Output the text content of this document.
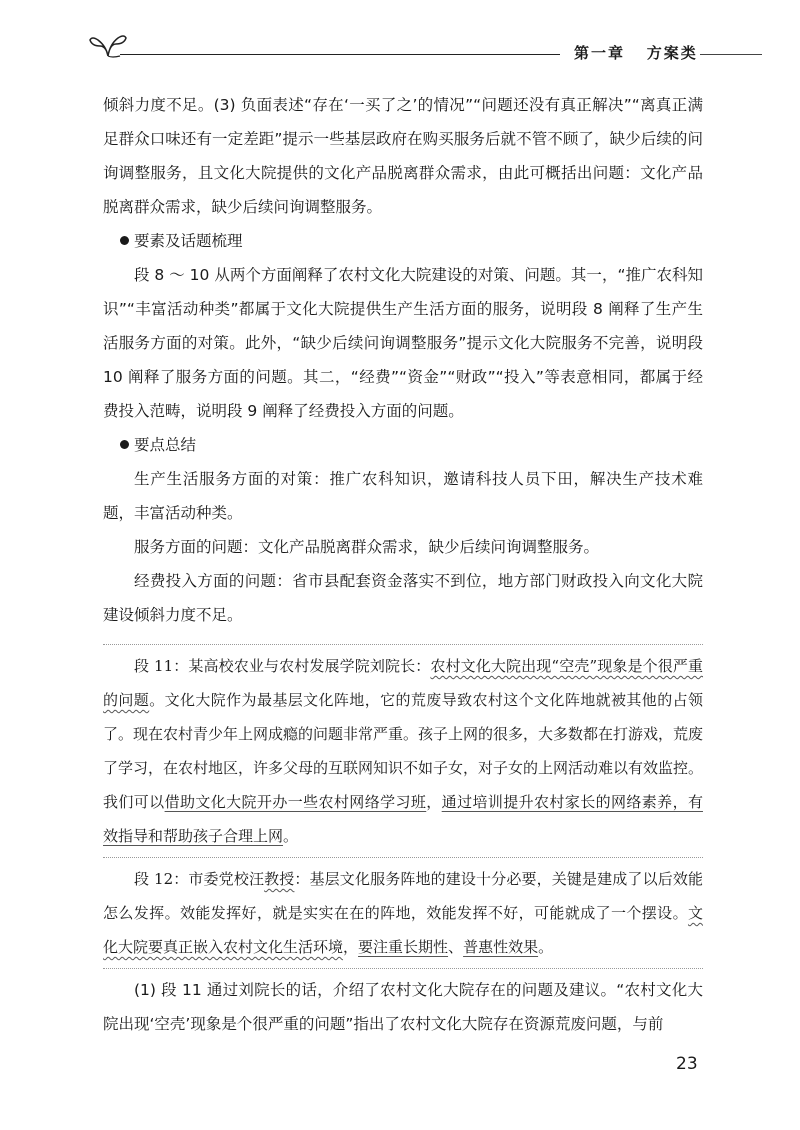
第一章 方案类

倾斜力度不足。(3) 负面表述“存在‘一买了之’的情况”“问题还没有真正解决”“离真正满足群众口味还有一定差距”提示一些基层政府在购买服务后就不管不顾了，缺少后续的问询调整服务，且文化大院提供的文化产品脱离群众需求，由此可概括出问题：文化产品脱离群众需求，缺少后续问询调整服务。

要素及话题梳理

段 8 ～ 10 从两个方面阐释了农村文化大院建设的对策、问题。其一，“推广农科知识”“丰富活动种类”都属于文化大院提供生产生活方面的服务，说明段 8 阐释了生产生活服务方面的对策。此外，“缺少后续问询调整服务”提示文化大院服务不完善，说明段 10 阐释了服务方面的问题。其二，“经费”“资金”“财政”“投入”等表意相同，都属于经费投入范畴，说明段 9 阐释了经费投入方面的问题。

要点总结

生产生活服务方面的对策：推广农科知识，邀请科技人员下田，解决生产技术难题，丰富活动种类。

服务方面的问题：文化产品脱离群众需求，缺少后续问询调整服务。

经费投入方面的问题：省市县配套资金落实不到位，地方部门财政投入向文化大院建设倾斜力度不足。

段 11：某高校农业与农村发展学院刘院长：农村文化大院出现“空壳”现象是个很严重的问题。文化大院作为最基层文化阵地，它的荒废导致农村这个文化阵地就被其他的占领了。现在农村青少年上网成瘾的问题非常严重。孩子上网的很多，大多数都在打游戏，荒废了学习，在农村地区，许多父母的互联网知识不如子女，对子女的上网活动难以有效监控。我们可以借助文化大院开办一些农村网络学习班，通过培训提升农村家长的网络素养，有效指导和帮助孩子合理上网。

段 12：市委党校汪教授：基层文化服务阵地的建设十分必要，关键是建成了以后效能怎么发挥。效能发挥好，就是实实在在的阵地，效能发挥不好，可能就成了一个摆设。文化大院要真正嵌入农村文化生活环境，要注重长期性、普惠性效果。

(1) 段 11 通过刘院长的话，介绍了农村文化大院存在的问题及建议。“农村文化大院出现‘空壳’现象是个很严重的问题”指出了农村文化大院存在资源荒废问题，与前

23
